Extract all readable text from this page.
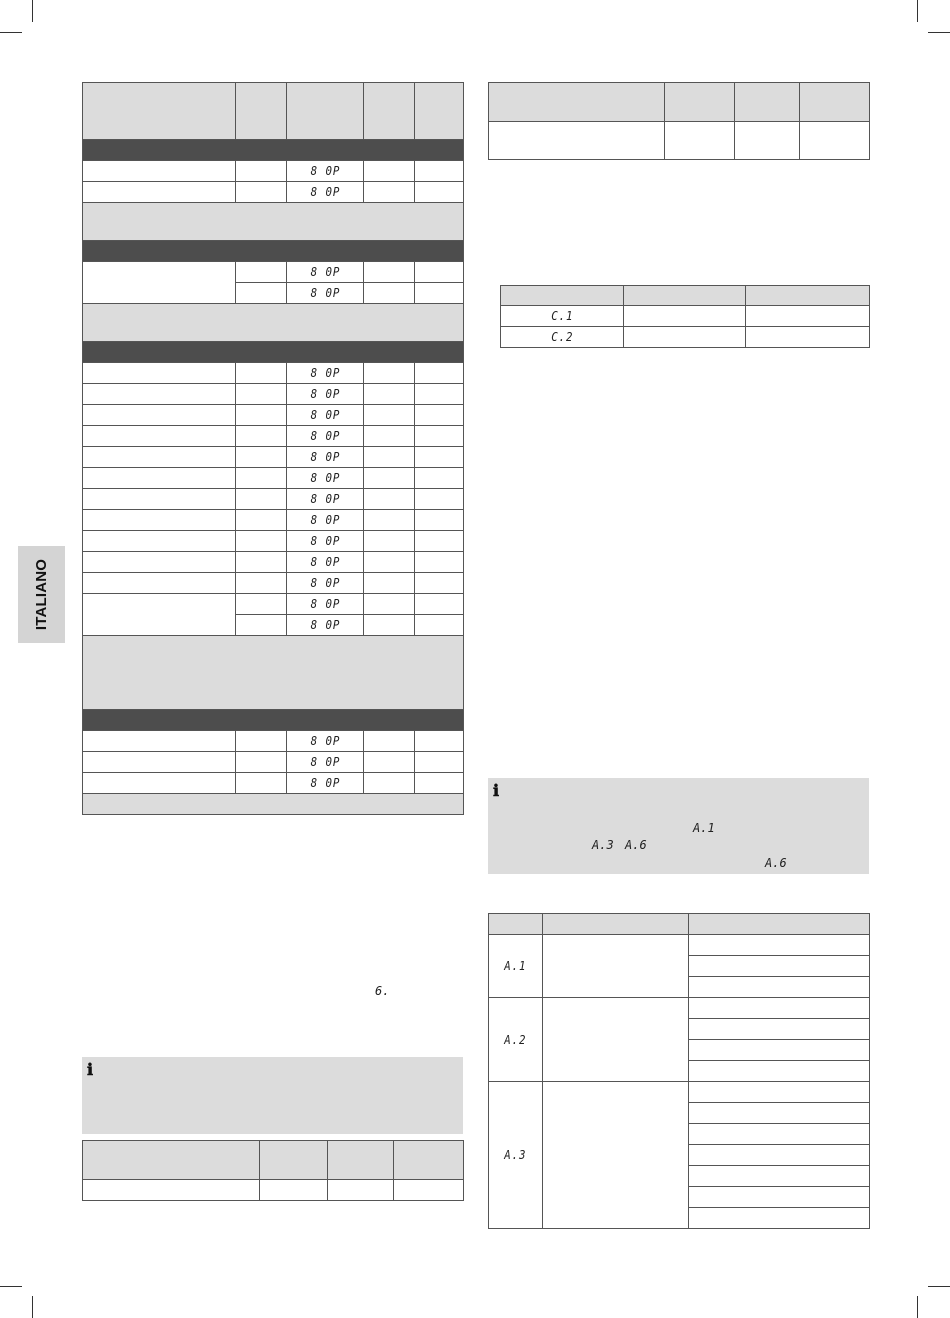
ITALIANO

		8 0P		
		8 0P		

		8 0P		
		8 0P		

		8 0P		
		8 0P		
		8 0P		
		8 0P		
		8 0P		
		8 0P		
		8 0P		
		8 0P		
		8 0P		
		8 0P		
		8 0P		
		8 0P		
		8 0P		

		8 0P		
		8 0P		
		8 0P		

6.
ℹ

C.1		
C.2		
ℹ
A.1
A.3 A.6
A.6

A.1		

A.2		

A.3		
